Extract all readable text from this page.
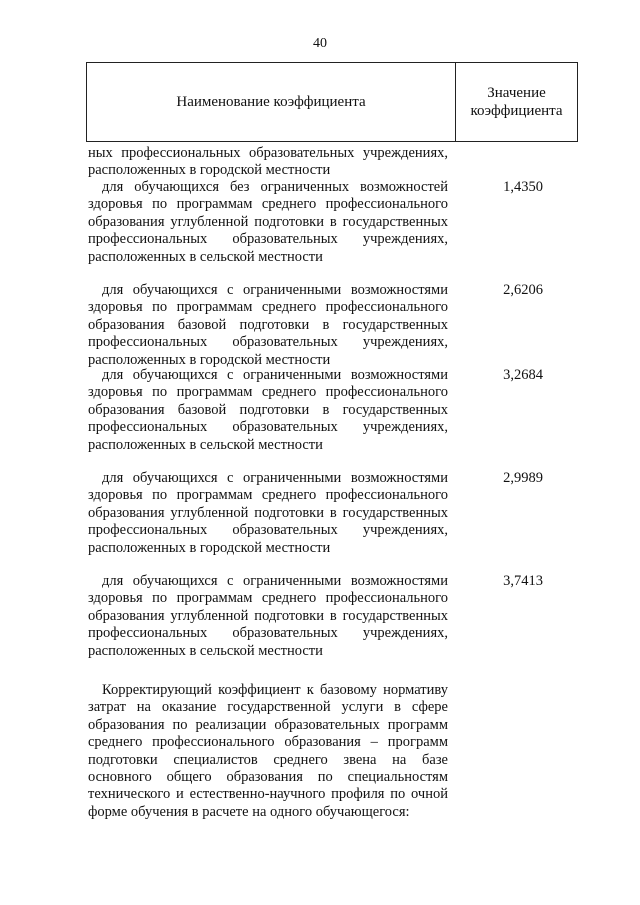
40
Наименование коэффициента
Значение коэффициента

ных профессиональных образовательных учреждениях, расположенных в городской местности

для обучающихся без ограниченных возможностей здоровья по программам среднего профессионального образования углубленной подготовки в государственных профессиональных образовательных учреждениях, расположенных в сельской местности

1,4350

для обучающихся с ограниченными возможностями здоровья по программам среднего профессионального образования базовой подготовки в государственных профессиональных образовательных учреждениях, расположенных в городской местности

2,6206

для обучающихся с ограниченными возможностями здоровья по программам среднего профессионального образования базовой подготовки в государственных профессиональных образовательных учреждениях, расположенных в сельской местности

3,2684

для обучающихся с ограниченными возможностями здоровья по программам среднего профессионального образования углубленной подготовки в государственных профессиональных образовательных учреждениях, расположенных в городской местности

2,9989

для обучающихся с ограниченными возможностями здоровья по программам среднего профессионального образования углубленной подготовки в государственных профессиональных образовательных учреждениях, расположенных в сельской местности

3,7413

Корректирующий коэффициент к базовому нормативу затрат на оказание государственной услуги в сфере образования по реализации образовательных программ среднего профессионального образования – программ подготовки специалистов среднего звена на базе основного общего образования по специальностям технического и естественно-научного профиля по очной форме обучения в расчете на одного обучающегося:
